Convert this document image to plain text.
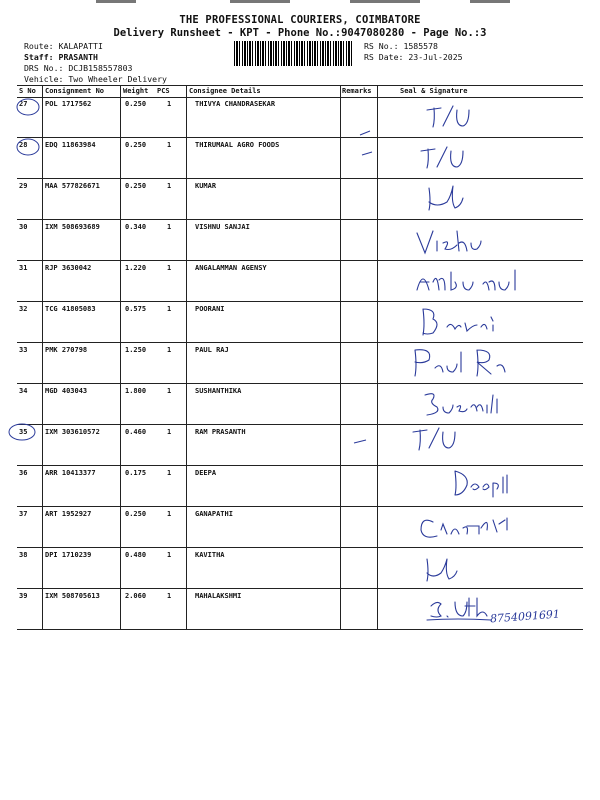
THE PROFESSIONAL COURIERS, COIMBATORE
Delivery Runsheet - KPT - Phone No.:9047080280 - Page No.:3
Route: KALAPATTI
Staff: PRASANTH
DRS No.: DCJB158557803
Vehicle: Two Wheeler Delivery
RS No.: 1585578
RS Date: 23-Jul-2025
S No Consignment No	Weight PCS	Consignee Details	Remarks	Seal & Signature
27	POL 1717562	0.250	1	THIVYA CHANDRASEKAR
28	EDQ 11863984	0.250	1	THIRUMAAL AGRO FOODS
29	MAA 577826671	0.250	1	KUMAR
30	IXM 508693689	0.340	1	VISHNU SANJAI
31	RJP 3630042	1.220	1	ANGALAMMAN AGENSY
32	TCG 41805083	0.575	1	POORANI
33	PMK 270798	1.250	1	PAUL RAJ
34	MGD 403043	1.800	1	SUSHANTHIKA
35	IXM 303610572	0.460	1	RAM PRASANTH
36	ARR 10413377	0.175	1	DEEPA
37	ART 1952927	0.250	1	GANAPATHI
38	DPI 1710239	0.480	1	KAVITHA
39	IXM 508705613	2.060	1	MAHALAKSHMI
8754091691
